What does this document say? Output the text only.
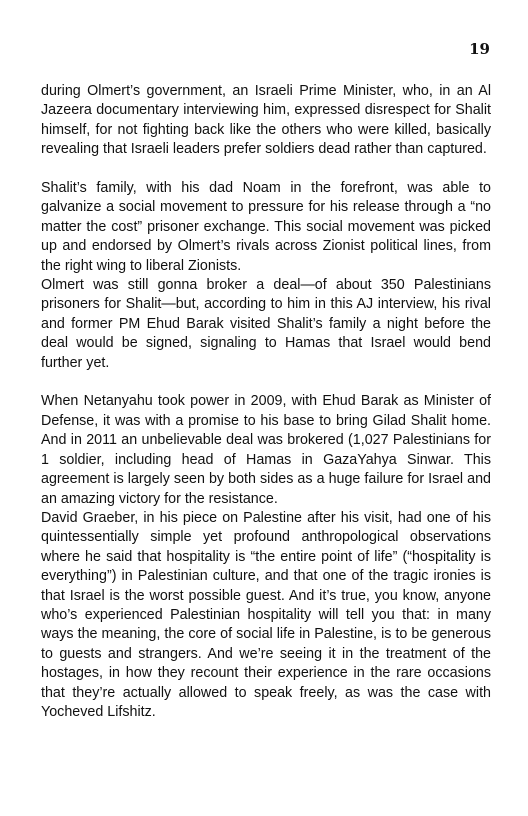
19

during Olmert’s government, an Israeli Prime Minister, who, in an Al Jazeera documentary interviewing him, expressed disrespect for Shalit himself, for not fighting back like the others who were killed, basically revealing that Israeli leaders prefer soldiers dead rather than captured.

Shalit’s family, with his dad Noam in the forefront, was able to galvanize a social movement to pressure for his release through a “no matter the cost” prisoner exchange. This social movement was picked up and endorsed by Olmert’s rivals across Zionist political lines, from the right wing to liberal Zionists.

Olmert was still gonna broker a deal—of about 350 Palestinians prisoners for Shalit—but, according to him in this AJ interview, his rival and former PM Ehud Barak visited Shalit’s family a night before the deal would be signed, signaling to Hamas that Israel would bend further yet.

When Netanyahu took power in 2009, with Ehud Barak as Minister of Defense, it was with a promise to his base to bring Gilad Shalit home. And in 2011 an unbelievable deal was brokered (1,027 Palestinians for 1 soldier, including head of Hamas in GazaYahya Sinwar. This agreement is largely seen by both sides as a huge failure for Israel and an amazing victory for the resistance.

David Graeber, in his piece on Palestine after his visit, had one of his quintessentially simple yet profound anthropological observations where he said that hospitality is “the entire point of life” (“hospitality is everything”) in Palestinian culture, and that one of the tragic ironies is that Israel is the worst possible guest. And it’s true, you know, anyone who’s experienced Palestinian hospitality will tell you that: in many ways the meaning, the core of social life in Palestine, is to be generous to guests and strangers. And we’re seeing it in the treatment of the hostages, in how they recount their experience in the rare occasions that they’re actually allowed to speak freely, as was the case with Yocheved Lifshitz.
